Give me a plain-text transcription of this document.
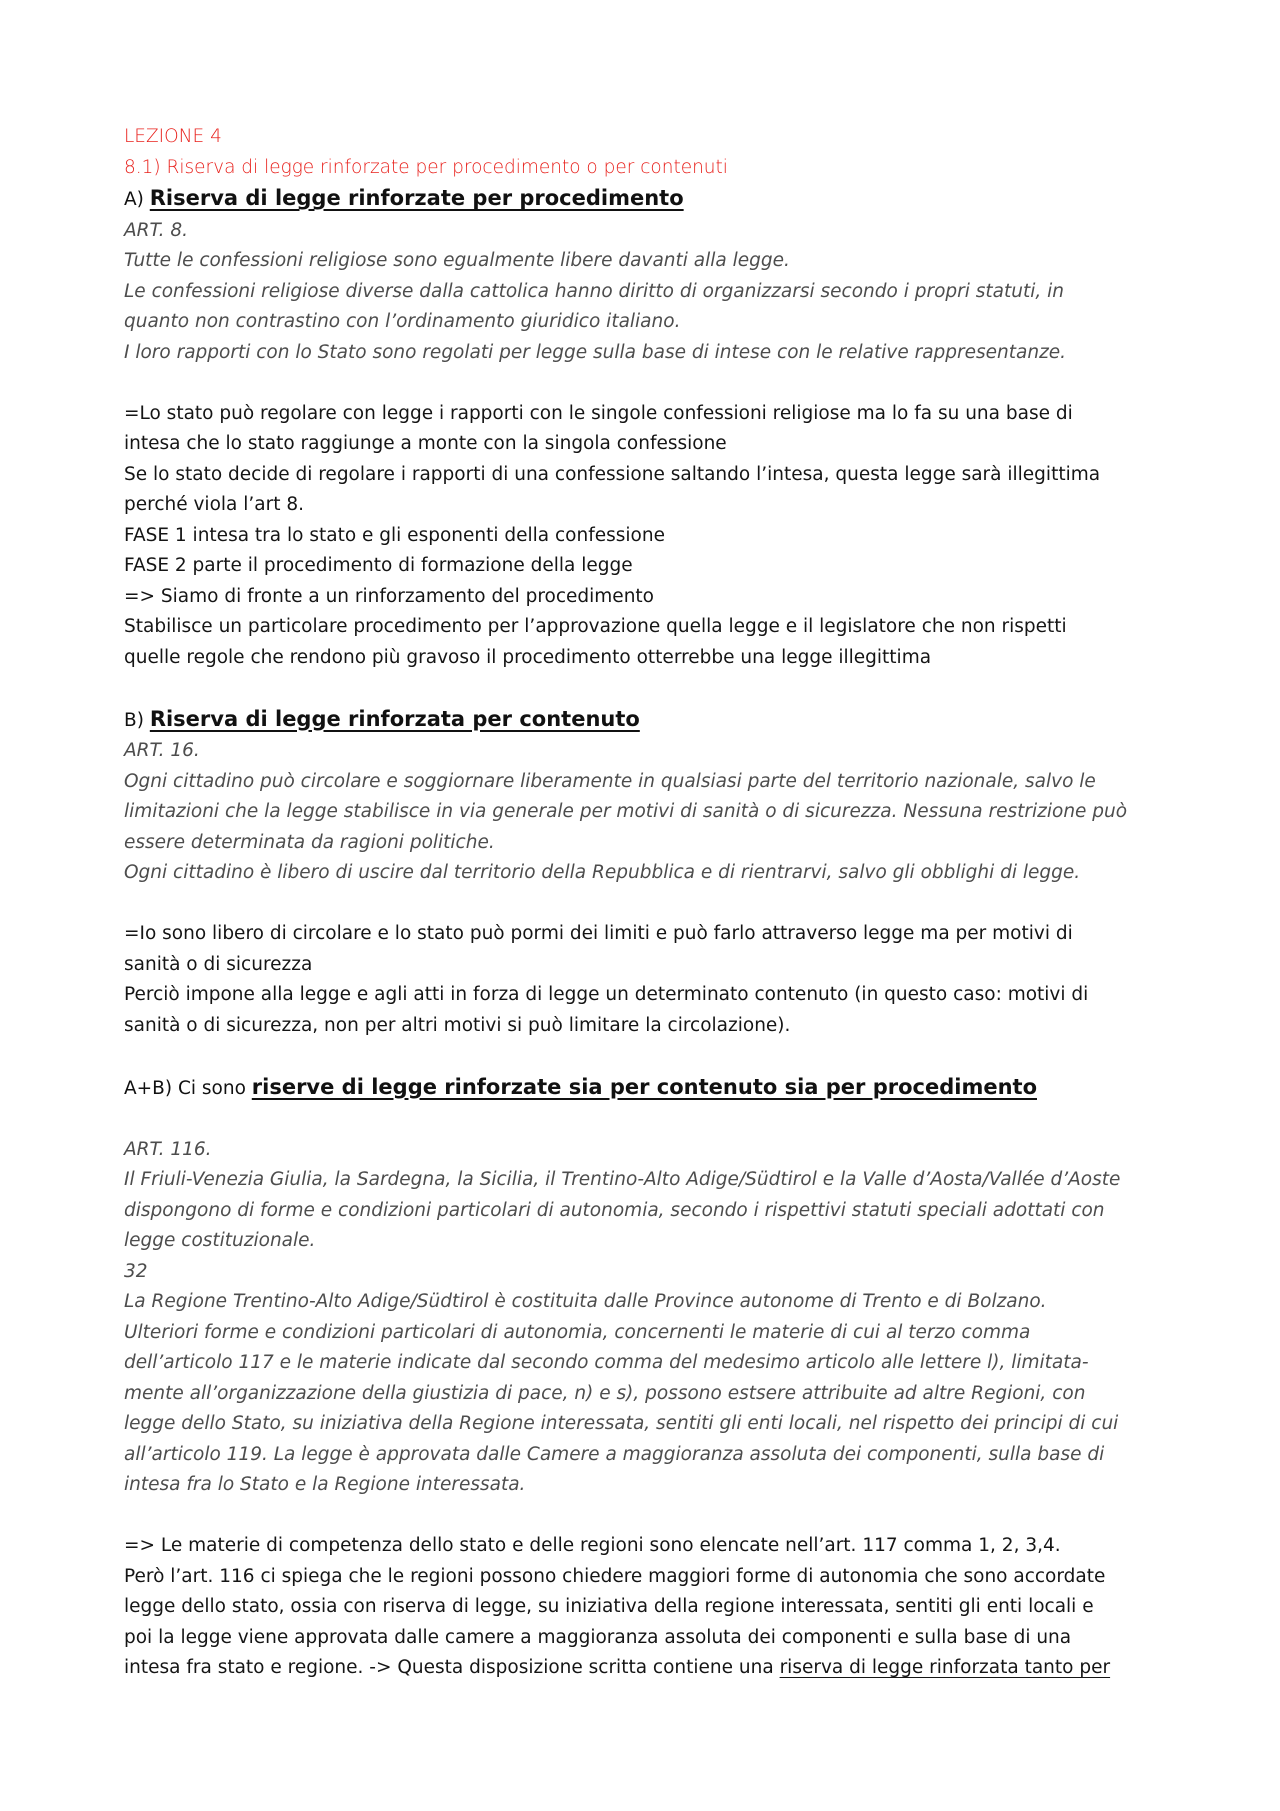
LEZIONE 4
8.1) Riserva di legge rinforzate per procedimento o per contenuti
A) Riserva di legge rinforzate per procedimento
ART. 8.
Tutte le confessioni religiose sono egualmente libere davanti alla legge.
Le confessioni religiose diverse dalla cattolica hanno diritto di organizzarsi secondo i propri statuti, in
quanto non contrastino con l’ordinamento giuridico italiano.
I loro rapporti con lo Stato sono regolati per legge sulla base di intese con le relative rappresentanze.
=Lo stato può regolare con legge i rapporti con le singole confessioni religiose ma lo fa su una base di
intesa che lo stato raggiunge a monte con la singola confessione
Se lo stato decide di regolare i rapporti di una confessione saltando l’intesa, questa legge sarà illegittima
perché viola l’art 8.
FASE 1 intesa tra lo stato e gli esponenti della confessione
FASE 2 parte il procedimento di formazione della legge
=> Siamo di fronte a un rinforzamento del procedimento
Stabilisce un particolare procedimento per l’approvazione quella legge e il legislatore che non rispetti
quelle regole che rendono più gravoso il procedimento otterrebbe una legge illegittima
B) Riserva di legge rinforzata per contenuto
ART. 16.
Ogni cittadino può circolare e soggiornare liberamente in qualsiasi parte del territorio nazionale, salvo le
limitazioni che la legge stabilisce in via generale per motivi di sanità o di sicurezza. Nessuna restrizione può
essere determinata da ragioni politiche.
Ogni cittadino è libero di uscire dal territorio della Repubblica e di rientrarvi, salvo gli obblighi di legge.
=Io sono libero di circolare e lo stato può pormi dei limiti e può farlo attraverso legge ma per motivi di
sanità o di sicurezza
Perciò impone alla legge e agli atti in forza di legge un determinato contenuto (in questo caso: motivi di
sanità o di sicurezza, non per altri motivi si può limitare la circolazione).
A+B) Ci sono riserve di legge rinforzate sia per contenuto sia per procedimento
ART. 116.
Il Friuli-Venezia Giulia, la Sardegna, la Sicilia, il Trentino-Alto Adige/Südtirol e la Valle d’Aosta/Vallée d’Aoste
dispongono di forme e condizioni particolari di autonomia, secondo i rispettivi statuti speciali adottati con
legge costituzionale.
32
La Regione Trentino-Alto Adige/Südtirol è costituita dalle Province autonome di Trento e di Bolzano.
Ulteriori forme e condizioni particolari di autonomia, concernenti le materie di cui al terzo comma
dell’articolo 117 e le materie indicate dal secondo comma del medesimo articolo alle lettere l), limitata-
mente all’organizzazione della giustizia di pace, n) e s), possono estsere attribuite ad altre Regioni, con
legge dello Stato, su iniziativa della Regione interessata, sentiti gli enti locali, nel rispetto dei principi di cui
all’articolo 119. La legge è approvata dalle Camere a maggioranza assoluta dei componenti, sulla base di
intesa fra lo Stato e la Regione interessata.
=> Le materie di competenza dello stato e delle regioni sono elencate nell’art. 117 comma 1, 2, 3,4.
Però l’art. 116 ci spiega che le regioni possono chiedere maggiori forme di autonomia che sono accordate
legge dello stato, ossia con riserva di legge, su iniziativa della regione interessata, sentiti gli enti locali e
poi la legge viene approvata dalle camere a maggioranza assoluta dei componenti e sulla base di una
intesa fra stato e regione. -> Questa disposizione scritta contiene una riserva di legge rinforzata tanto per
